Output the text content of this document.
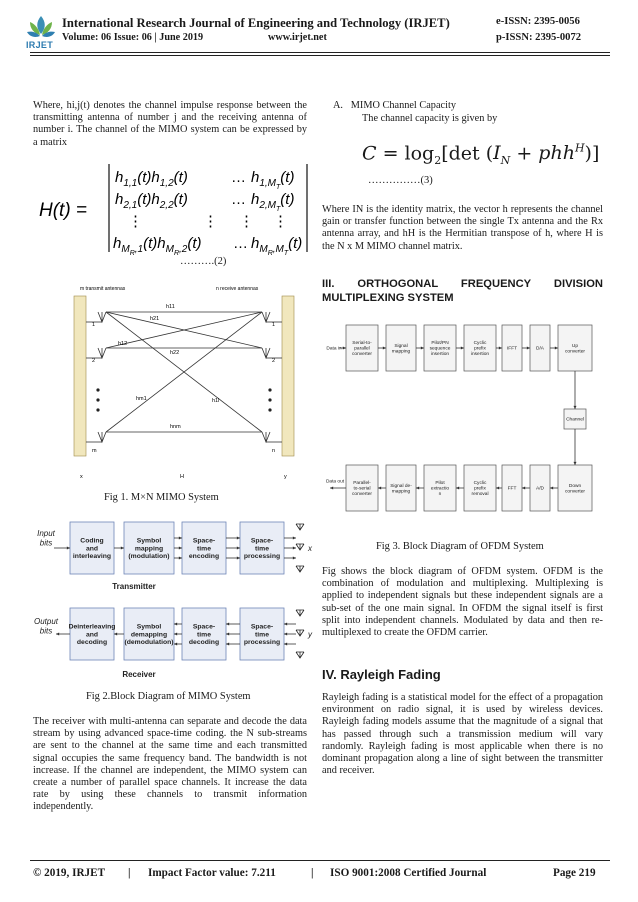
IRJET
International Research Journal of Engineering and Technology (IRJET)
Volume: 06 Issue: 06 | June 2019	www.irjet.net
e-ISSN: 2395-0056
p-ISSN: 2395-0072

Where, hi,j(t) denotes the channel impulse response between the transmitting antenna of number j and the receiving antenna of number i. The channel of the MIMO system can be expressed by a matrix

H(t) =
$h_{1,1}(t)h_{1,2}(t)$	… $h_{1,MT}(t)$
$h_{2,1}(t)h_{2,2}(t)$	… $h_{2,MT}(t)$
⋮	⋮ ⋮ ⋮
$h_{MR}^{,1}(t)h_{MR}^{,2}(t)$ … $h_{MR}^{,M}_T(t)$
……….(2)
m transmit antennas	n receive antennas
1
2
m
1
2
n
h11
h21
h12
h22
hm1	h1l
hnm
x	H	y
Fig 1. M×N MIMO System
Input bits
Output bits
Coding and interleaving
Symbol mapping (modulation)
Space-time encoding
Space-time processing
Deinterleaving and decoding
Symbol demapping (demodulation)
Space-time decoding
Space-time processing
Transmitter
Receiver
x
y
Fig 2.Block Diagram of MIMO System

The receiver with multi-antenna can separate and decode the data stream by using advanced space-time coding. the N sub-streams are sent to the channel at the same time and each transmitted signal occupies the same frequency band. The bandwidth is not increase. If the channel are independent, the MIMO system can create a number of parallel space channels. It increase the data rate by using these channels to transmit information independently.

A.   MIMO Channel Capacity
The channel capacity is given by
$C = \log_2[\det$ $(I_N + phh^H)$]
……………(3)

Where IN is the identity matrix, the vector h represents the channel gain or transfer function between the single Tx antenna and the Rx antenna array, and hH is the Hermitian transpose of h, where H is the N x M MIMO channel matrix.

III. ORTHOGONAL FREQUENCY DIVISION MULTIPLEXING SYSTEM
Serial-to-parallel converter
Signal mapping
Pilot/PN sequence insertion
Cyclic prefix insertion
IFFT	D/A
Up converter
Parallel-to-serial converter
Signal de-mapping
Pilot extractio n
Cyclic prefix removal
FFT	A/D
Down converter
Data in
Data out
Channel
Fig 3. Block Diagram of OFDM System

Fig shows the block diagram of OFDM system. OFDM is the combination of modulation and multiplexing. Multiplexing is applied to independent signals but these independent signals are a sub-set of the one main signal. In OFDM the signal itself is first split into independent channels. Modulated by data and then re-multiplexed to create the OFDM carrier.

IV. Rayleigh Fading

Rayleigh fading is a statistical model for the effect of a propagation environment on radio signal, it is used by wireless devices. Rayleigh fading models assume that the magnitude of a signal that has passed through such a transmission medium will vary randomly. Rayleigh fading is most applicable when there is no dominant propagation along a line of sight between the transmitter and receiver.

© 2019, IRJET | Impact Factor value: 7.211	| ISO 9001:2008 Certified Journal	Page 219
